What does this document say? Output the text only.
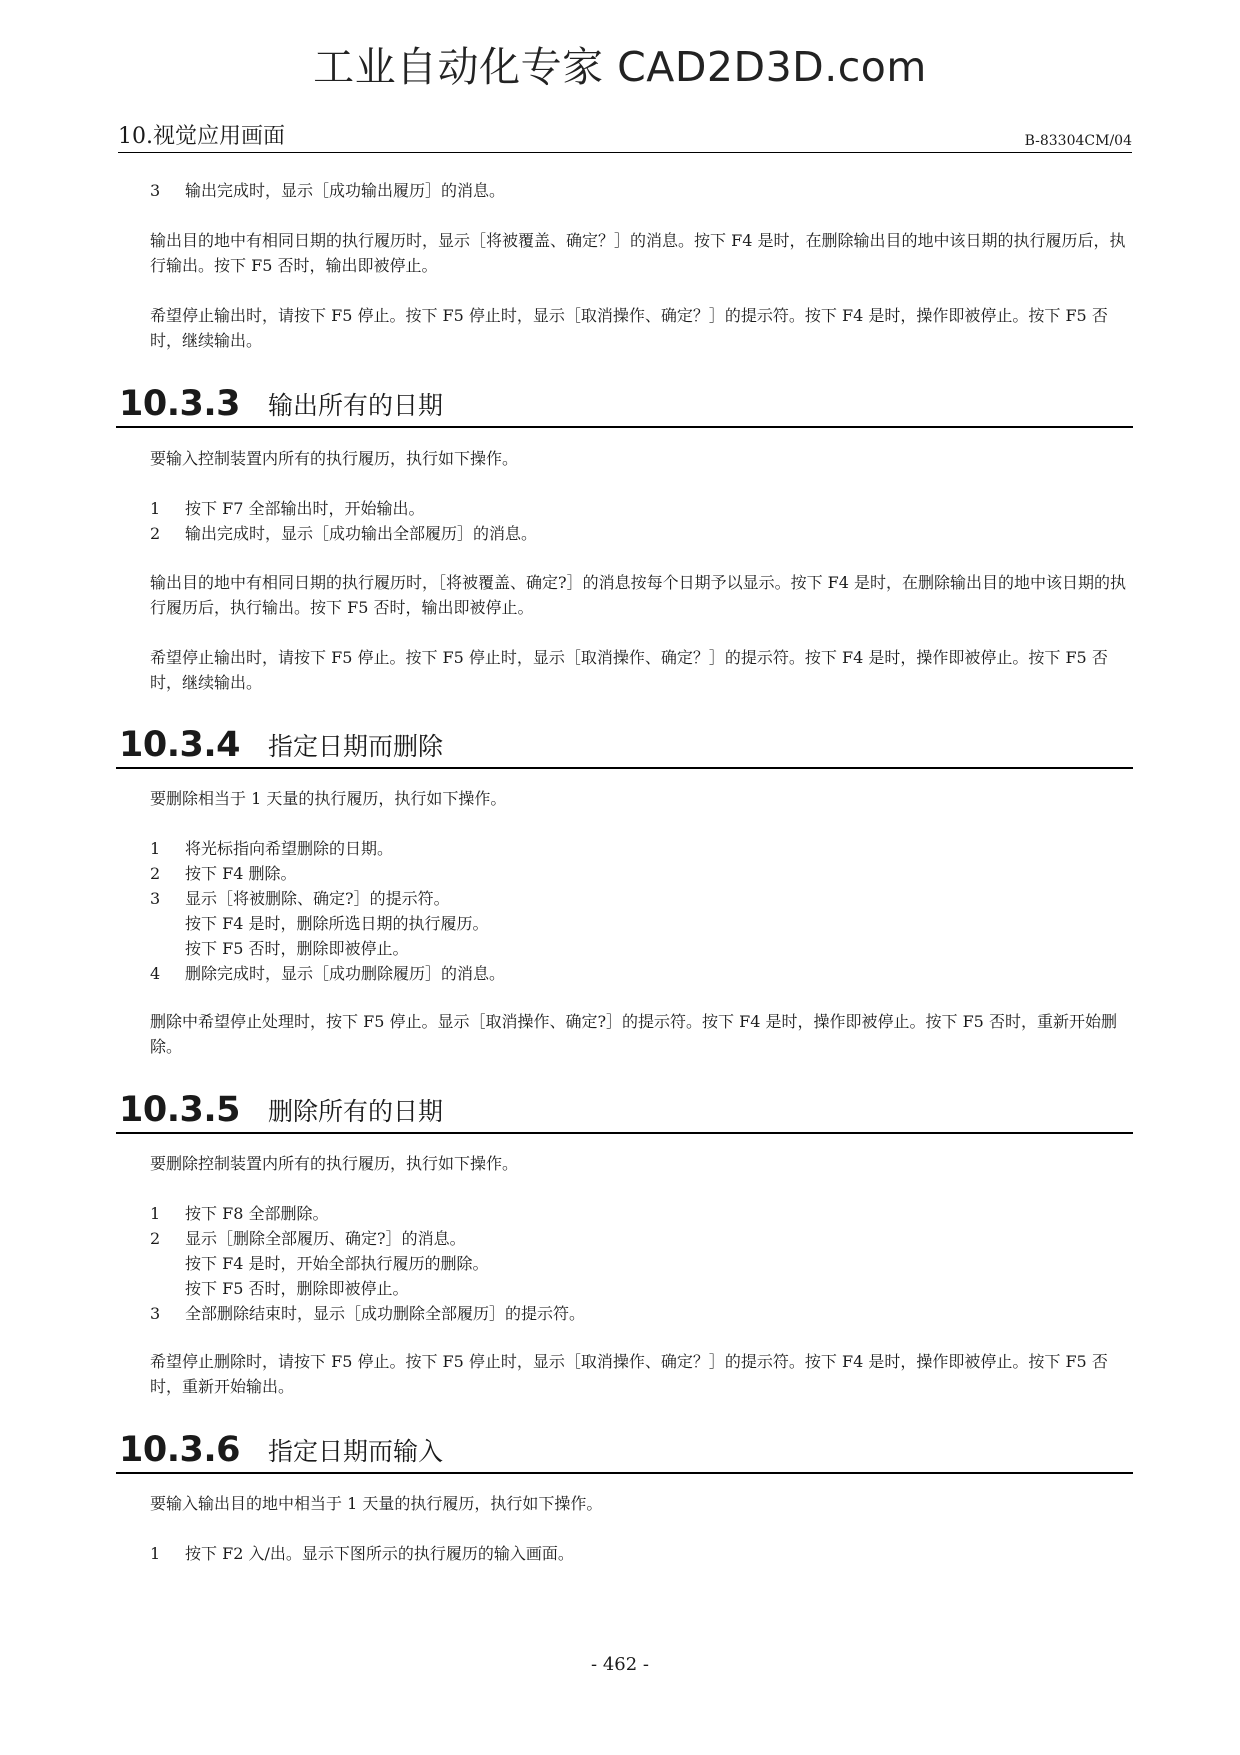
工业自动化专家 CAD2D3D.com
10.视觉应用画面	B-83304CM/04
3	输出完成时，显示［成功输出履历］的消息。
输出目的地中有相同日期的执行履历时，显示［将被覆盖、确定？］的消息。按下 F4 是时，在删除输出目的地中该日期的执行履历后，执行输出。按下 F5 否时，输出即被停止。
希望停止输出时，请按下 F5 停止。按下 F5 停止时，显示［取消操作、确定？］的提示符。按下 F4 是时，操作即被停止。按下 F5 否时，继续输出。
10.3.3 输出所有的日期
要输入控制装置内所有的执行履历，执行如下操作。
1	按下 F7 全部输出时，开始输出。
2	输出完成时，显示［成功输出全部履历］的消息。
输出目的地中有相同日期的执行履历时，［将被覆盖、确定?］的消息按每个日期予以显示。按下 F4 是时，在删除输出目的地中该日期的执行履历后，执行输出。按下 F5 否时，输出即被停止。
希望停止输出时，请按下 F5 停止。按下 F5 停止时，显示［取消操作、确定？］的提示符。按下 F4 是时，操作即被停止。按下 F5 否时，继续输出。
10.3.4 指定日期而删除
要删除相当于 1 天量的执行履历，执行如下操作。
1	将光标指向希望删除的日期。
2	按下 F4 删除。
3	显示［将被删除、确定?］的提示符。
按下 F4 是时，删除所选日期的执行履历。
按下 F5 否时，删除即被停止。
4	删除完成时，显示［成功删除履历］的消息。
删除中希望停止处理时，按下 F5 停止。显示［取消操作、确定?］的提示符。按下 F4 是时，操作即被停止。按下 F5 否时，重新开始删除。
10.3.5 删除所有的日期
要删除控制装置内所有的执行履历，执行如下操作。
1	按下 F8 全部删除。
2	显示［删除全部履历、确定?］的消息。
按下 F4 是时，开始全部执行履历的删除。
按下 F5 否时，删除即被停止。
3	全部删除结束时，显示［成功删除全部履历］的提示符。
希望停止删除时，请按下 F5 停止。按下 F5 停止时，显示［取消操作、确定？］的提示符。按下 F4 是时，操作即被停止。按下 F5 否时，重新开始输出。
10.3.6 指定日期而输入
要输入输出目的地中相当于 1 天量的执行履历，执行如下操作。
1	按下 F2 入/出。显示下图所示的执行履历的输入画面。
- 462 -
